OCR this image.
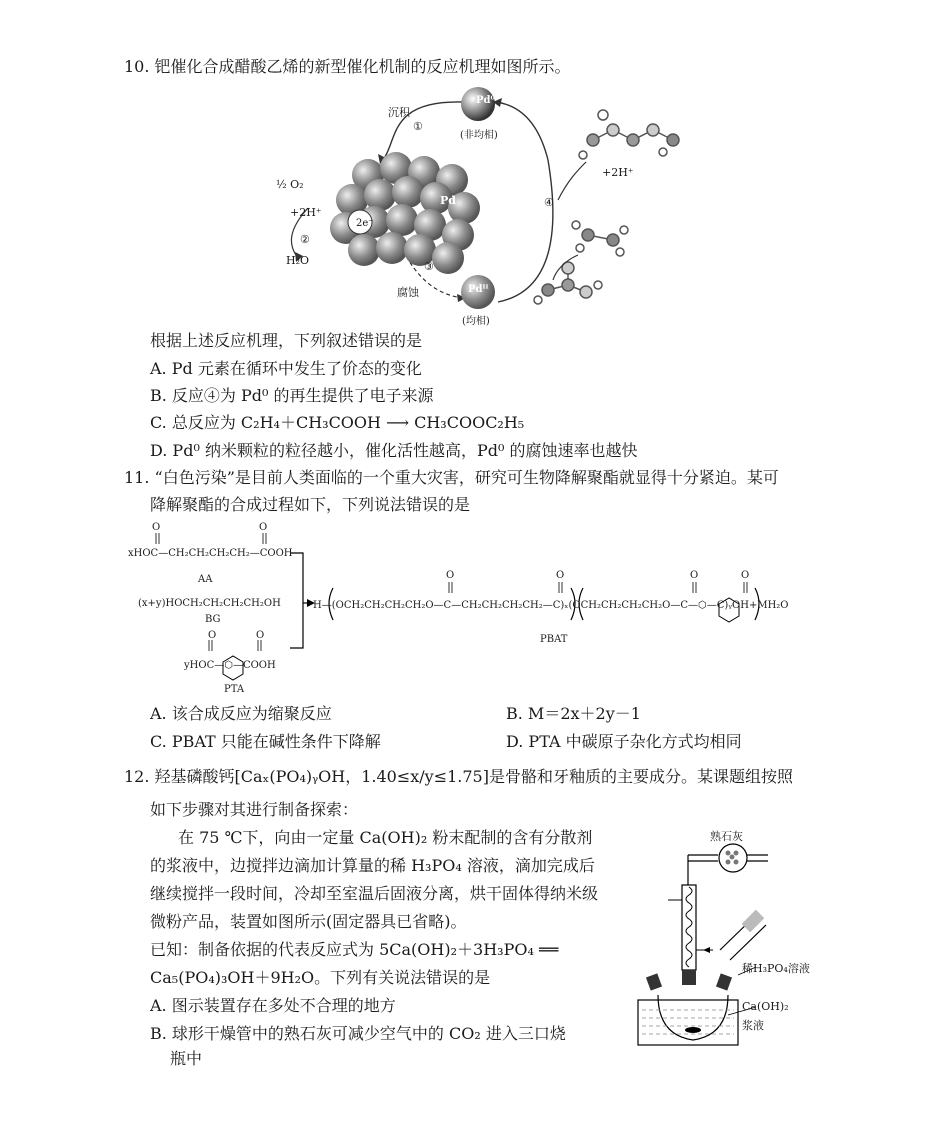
10. 钯催化合成醋酸乙烯的新型催化机制的反应机理如图所示。
Pd⁰
(非均相)
Pdᴵᴵ
(均相)
沉积
①
②
③
④
腐蚀
½ O₂
+2H⁺
H₂O
2e⁻
Pd
+2H⁺
根据上述反应机理，下列叙述错误的是
A. Pd 元素在循环中发生了价态的变化
B. 反应④为 Pd⁰ 的再生提供了电子来源
C. 总反应为 C₂H₄＋CH₃COOH ⟶ CH₃COOC₂H₅
D. Pd⁰ 纳米颗粒的粒径越小，催化活性越高，Pd⁰ 的腐蚀速率也越快
11. “白色污染”是目前人类面临的一个重大灾害，研究可生物降解聚酯就显得十分紧迫。某可
降解聚酯的合成过程如下，下列说法错误的是
O	O
xHOC—CH₂CH₂CH₂CH₂—COOH
AA
(x+y)HOCH₂CH₂CH₂CH₂OH
BG
O	O
yHOC—⬡—COOH
PTA
O	O	O	O
H—(OCH₂CH₂CH₂CH₂O—C—CH₂CH₂CH₂CH₂—C)ₓ(OCH₂CH₂CH₂CH₂O—C—⬡—C)ᵧOH+MH₂O
PBAT
A. 该合成反应为缩聚反应	B. M＝2x＋2y－1
C. PBAT 只能在碱性条件下降解	D. PTA 中碳原子杂化方式均相同
12. 羟基磷酸钙[Caₓ(PO₄)ᵧOH，1.40≤x/y≤1.75]是骨骼和牙釉质的主要成分。某课题组按照
如下步骤对其进行制备探索：
在 75 ℃下，向由一定量 Ca(OH)₂ 粉末配制的含有分散剂
的浆液中，边搅拌边滴加计算量的稀 H₃PO₄ 溶液，滴加完成后
继续搅拌一段时间，冷却至室温后固液分离，烘干固体得纳米级
微粉产品，装置如图所示(固定器具已省略)。
已知：制备依据的代表反应式为 5Ca(OH)₂＋3H₃PO₄ ══
Ca₅(PO₄)₃OH＋9H₂O。下列有关说法错误的是
A. 图示装置存在多处不合理的地方
B. 球形干燥管中的熟石灰可减少空气中的 CO₂ 进入三口烧
瓶中
熟石灰
稀H₃PO₄溶液
Ca(OH)₂
浆液
